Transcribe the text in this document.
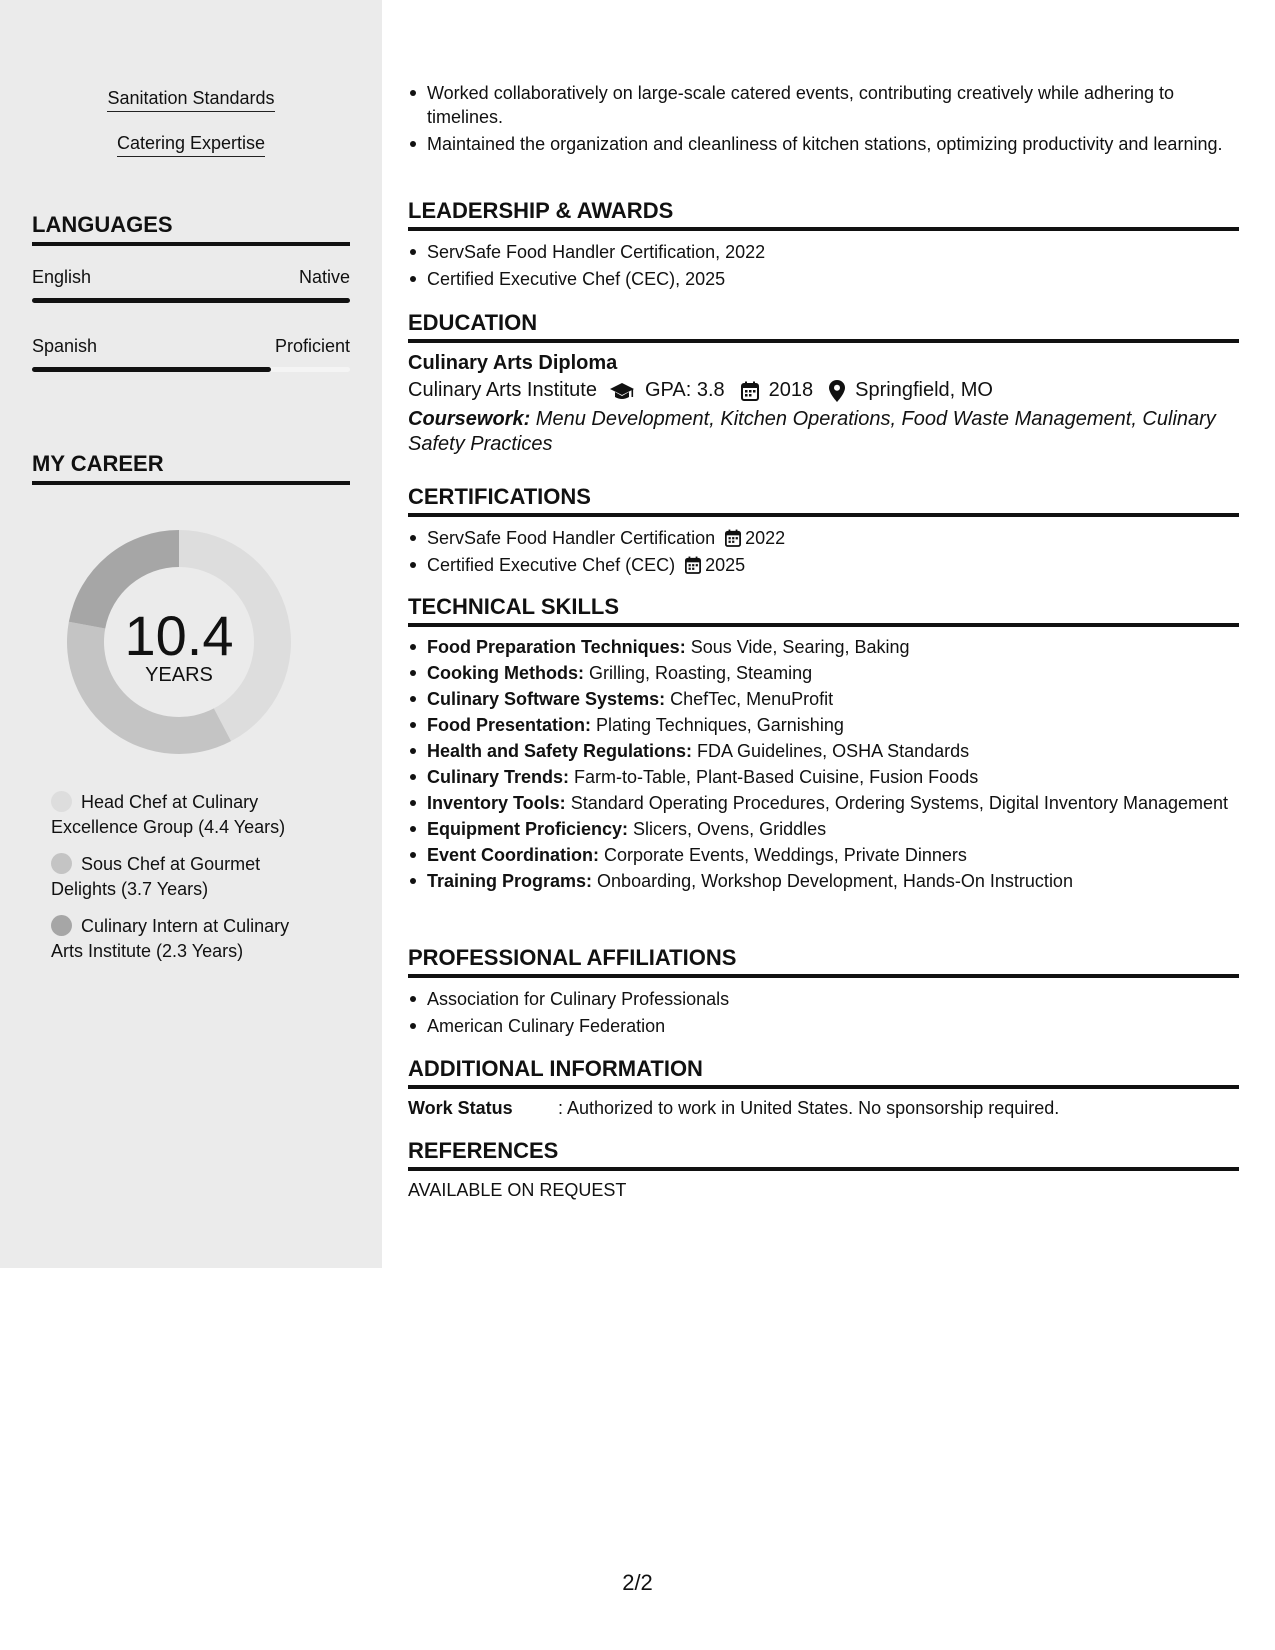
Sanitation Standards
Catering Expertise
LANGUAGES
English	Native
Spanish	Proficient
MY CAREER
10.4
YEARS
Head Chef at Culinary Excellence Group (4.4 Years)
Sous Chef at Gourmet Delights (3.7 Years)
Culinary Intern at Culinary Arts Institute (2.3 Years)
Worked collaboratively on large-scale catered events, contributing creatively while adhering to timelines.
Maintained the organization and cleanliness of kitchen stations, optimizing productivity and learning.
LEADERSHIP & AWARDS
ServSafe Food Handler Certification, 2022
Certified Executive Chef (CEC), 2025
EDUCATION
Culinary Arts Diploma
Culinary Arts Institute GPA: 3.8 2018 Springfield, MO
Coursework: Menu Development, Kitchen Operations, Food Waste Management, Culinary Safety Practices
CERTIFICATIONS
ServSafe Food Handler Certification 2022
Certified Executive Chef (CEC) 2025
TECHNICAL SKILLS
Food Preparation Techniques: Sous Vide, Searing, Baking
Cooking Methods: Grilling, Roasting, Steaming
Culinary Software Systems: ChefTec, MenuProfit
Food Presentation: Plating Techniques, Garnishing
Health and Safety Regulations: FDA Guidelines, OSHA Standards
Culinary Trends: Farm-to-Table, Plant-Based Cuisine, Fusion Foods
Inventory Tools: Standard Operating Procedures, Ordering Systems, Digital Inventory Management
Equipment Proficiency: Slicers, Ovens, Griddles
Event Coordination: Corporate Events, Weddings, Private Dinners
Training Programs: Onboarding, Workshop Development, Hands-On Instruction
PROFESSIONAL AFFILIATIONS
Association for Culinary Professionals
American Culinary Federation
ADDITIONAL INFORMATION
Work Status	: Authorized to work in United States. No sponsorship required.
REFERENCES
AVAILABLE ON REQUEST
2/2
